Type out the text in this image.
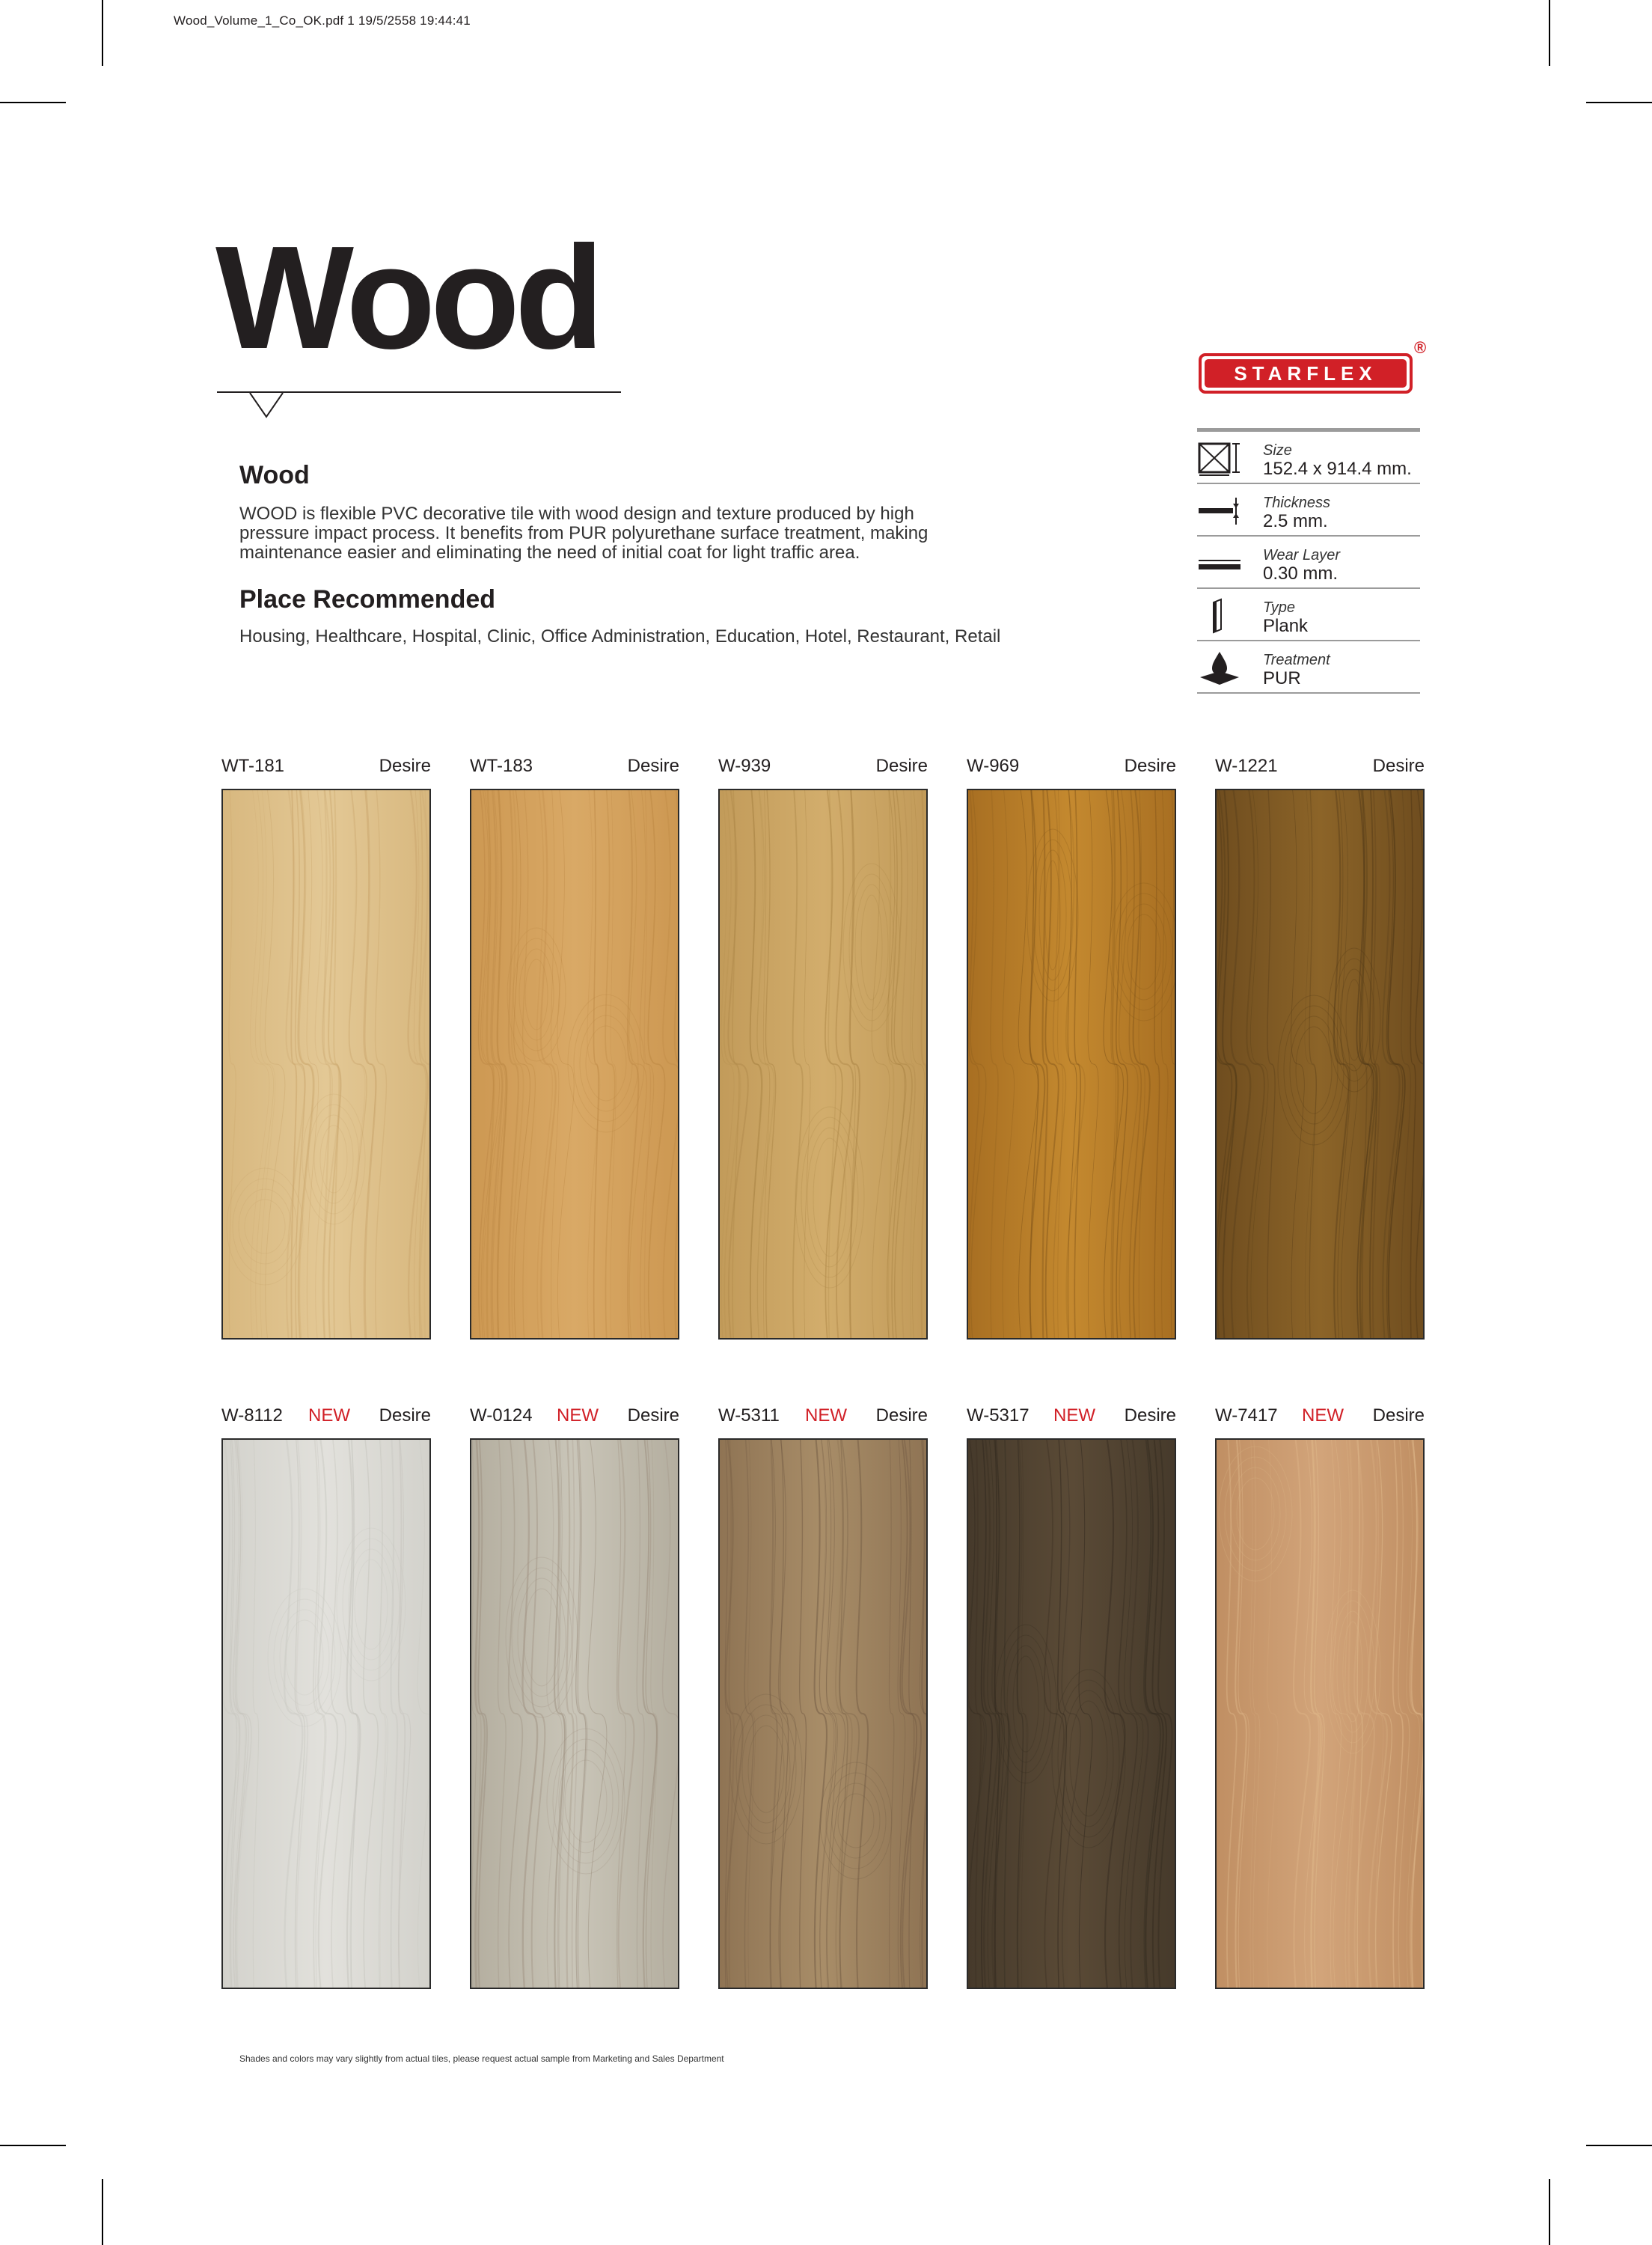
Wood_Volume_1_Co_OK.pdf 1 19/5/2558 19:44:41
Wood
Wood
WOOD is flexible PVC decorative tile with wood design and texture produced by high
pressure impact process. It benefits from PUR polyurethane surface treatment, making
maintenance easier and eliminating the need of initial coat for light traffic area.
Place Recommended
Housing, Healthcare, Hospital, Clinic, Office Administration, Education, Hotel, Restaurant, Retail
STARFLEX
®
Size
152.4 x 914.4 mm.
Thickness
2.5 mm.
Wear Layer
0.30 mm.
Type
Plank
Treatment
PUR
WT-181	Desire WT-183	Desire W-939	Desire W-969	Desire W-1221	Desire
W-8112 NEW Desire W-0124 NEW Desire W-5311 NEW Desire W-5317 NEW Desire W-7417 NEW Desire
Shades and colors may vary slightly from actual tiles, please request actual sample from Marketing and Sales Department
